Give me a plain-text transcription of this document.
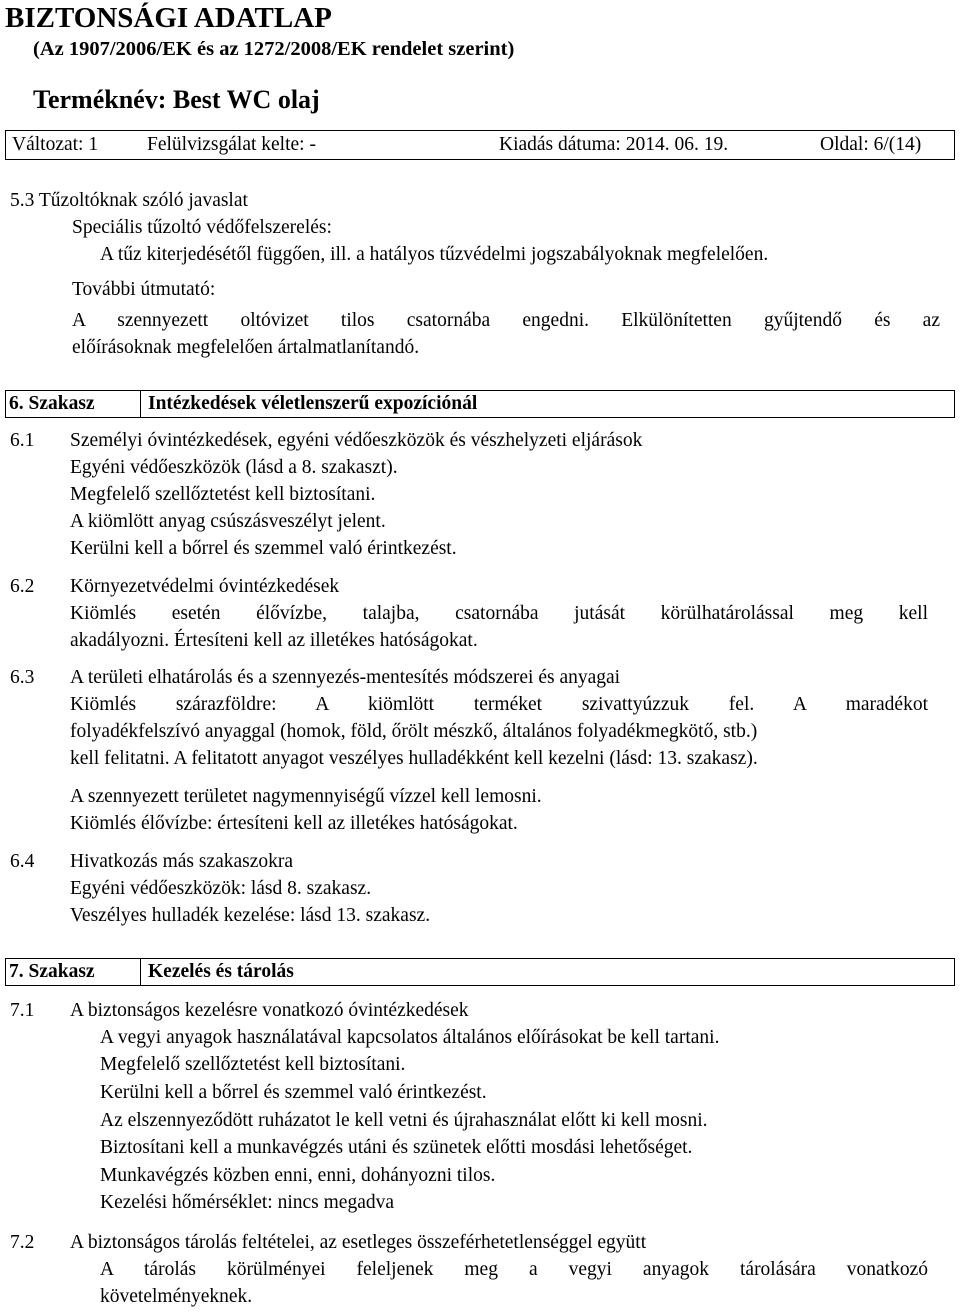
BIZTONSÁGI ADATLAP
(Az 1907/2006/EK és az 1272/2008/EK rendelet szerint)
Terméknév: Best WC olaj
Változat: 1	Felülvizsgálat kelte: -	Kiadás dátuma: 2014. 06. 19.	Oldal: 6/(14)
5.3 Tűzoltóknak szóló javaslat
Speciális tűzoltó védőfelszerelés:
A tűz kiterjedésétől függően, ill. a hatályos tűzvédelmi jogszabályoknak megfelelően.
További útmutató:
A szennyezett oltóvizet tilos csatornába engedni. Elkülönítetten gyűjtendő és az
előírásoknak megfelelően ártalmatlanítandó.
6. Szakasz	Intézkedések véletlenszerű expozíciónál
6.1 Személyi óvintézkedések, egyéni védőeszközök és vészhelyzeti eljárások
Egyéni védőeszközök (lásd a 8. szakaszt).
Megfelelő szellőztetést kell biztosítani.
A kiömlött anyag csúszásveszélyt jelent.
Kerülni kell a bőrrel és szemmel való érintkezést.
6.2 Környezetvédelmi óvintézkedések
Kiömlés esetén élővízbe, talajba, csatornába jutását körülhatárolással meg kell
akadályozni. Értesíteni kell az illetékes hatóságokat.
6.3 A területi elhatárolás és a szennyezés-mentesítés módszerei és anyagai
Kiömlés szárazföldre: A kiömlött terméket szivattyúzzuk fel. A maradékot
folyadékfelszívó anyaggal (homok, föld, őrölt mészkő, általános folyadékmegkötő, stb.)
kell felitatni. A felitatott anyagot veszélyes hulladékként kell kezelni (lásd: 13. szakasz).
A szennyezett területet nagymennyiségű vízzel kell lemosni.
Kiömlés élővízbe: értesíteni kell az illetékes hatóságokat.
6.4 Hivatkozás más szakaszokra
Egyéni védőeszközök: lásd 8. szakasz.
Veszélyes hulladék kezelése: lásd 13. szakasz.
7. Szakasz	Kezelés és tárolás
7.1 A biztonságos kezelésre vonatkozó óvintézkedések
A vegyi anyagok használatával kapcsolatos általános előírásokat be kell tartani.
Megfelelő szellőztetést kell biztosítani.
Kerülni kell a bőrrel és szemmel való érintkezést.
Az elszennyeződött ruházatot le kell vetni és újrahasználat előtt ki kell mosni.
Biztosítani kell a munkavégzés utáni és szünetek előtti mosdási lehetőséget.
Munkavégzés közben enni, enni, dohányozni tilos.
Kezelési hőmérséklet: nincs megadva
7.2 A biztonságos tárolás feltételei, az esetleges összeférhetetlenséggel együtt
A tárolás körülményei feleljenek meg a vegyi anyagok tárolására vonatkozó
követelményeknek.
